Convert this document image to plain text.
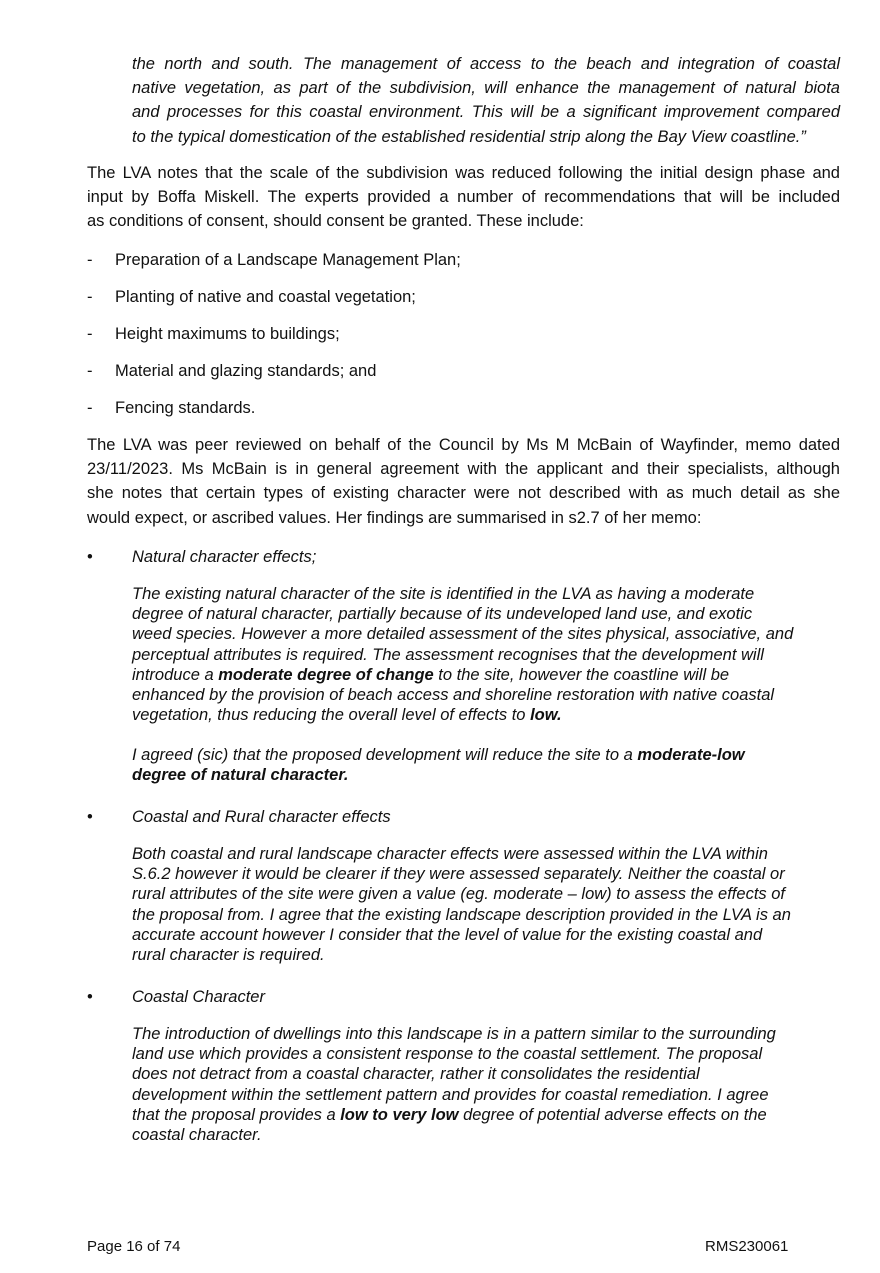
the north and south. The management of access to the beach and integration of coastal
native vegetation, as part of the subdivision, will enhance the management of natural biota
and processes for this coastal environment. This will be a significant improvement compared
to the typical domestication of the established residential strip along the Bay View coastline.”
The LVA notes that the scale of the subdivision was reduced following the initial design phase and
input by Boffa Miskell. The experts provided a number of recommendations that will be included
as conditions of consent, should consent be granted. These include:
- Preparation of a Landscape Management Plan;
- Planting of native and coastal vegetation;
- Height maximums to buildings;
- Material and glazing standards; and
- Fencing standards.
The LVA was peer reviewed on behalf of the Council by Ms M McBain of Wayfinder, memo dated
23/11/2023. Ms McBain is in general agreement with the applicant and their specialists, although
she notes that certain types of existing character were not described with as much detail as she
would expect, or ascribed values. Her findings are summarised in s2.7 of her memo:
• Natural character effects;
The existing natural character of the site is identified in the LVA as having a moderate
degree of natural character, partially because of its undeveloped land use, and exotic
weed species. However a more detailed assessment of the sites physical, associative, and
perceptual attributes is required. The assessment recognises that the development will
introduce a moderate degree of change to the site, however the coastline will be
enhanced by the provision of beach access and shoreline restoration with native coastal
vegetation, thus reducing the overall level of effects to low.
I agreed (sic) that the proposed development will reduce the site to a moderate-low
degree of natural character.
• Coastal and Rural character effects
Both coastal and rural landscape character effects were assessed within the LVA within
S.6.2 however it would be clearer if they were assessed separately. Neither the coastal or
rural attributes of the site were given a value (eg. moderate – low) to assess the effects of
the proposal from. I agree that the existing landscape description provided in the LVA is an
accurate account however I consider that the level of value for the existing coastal and
rural character is required.
• Coastal Character
The introduction of dwellings into this landscape is in a pattern similar to the surrounding
land use which provides a consistent response to the coastal settlement. The proposal
does not detract from a coastal character, rather it consolidates the residential
development within the settlement pattern and provides for coastal remediation. I agree
that the proposal provides a low to very low degree of potential adverse effects on the
coastal character.
Page 16 of 74	RMS230061
